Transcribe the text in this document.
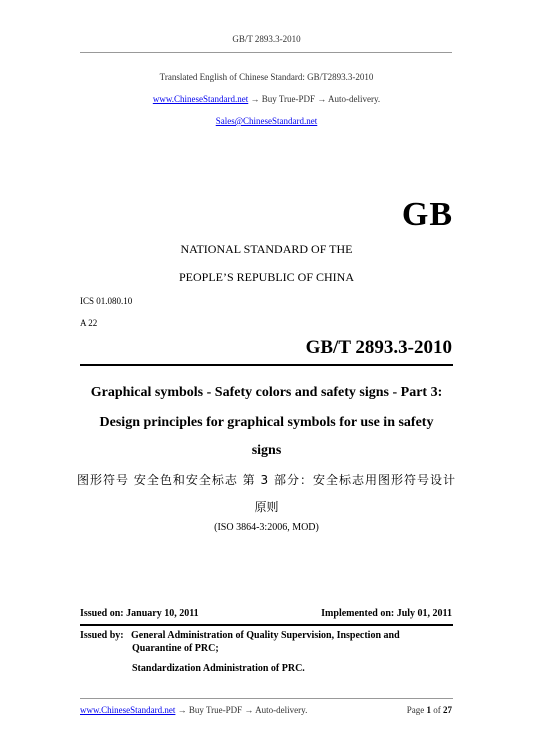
GB/T 2893.3-2010
Translated English of Chinese Standard: GB/T2893.3-2010
www.ChineseStandard.net → Buy True-PDF → Auto-delivery.
Sales@ChineseStandard.net
GB
NATIONAL STANDARD OF THE
PEOPLE’S REPUBLIC OF CHINA
ICS 01.080.10
A 22
GB/T 2893.3-2010
Graphical symbols - Safety colors and safety signs - Part 3:
Design principles for graphical symbols for use in safety
signs
图形符号 安全色和安全标志 第 3 部分：安全标志用图形符号设计
原则
(ISO 3864-3:2006, MOD)
Issued on: January 10, 2011	Implemented on: July 01, 2011
Issued by: General Administration of Quality Supervision, Inspection and
Quarantine of PRC;
Standardization Administration of PRC.
www.ChineseStandard.net → Buy True-PDF → Auto-delivery.	Page 1 of 27
